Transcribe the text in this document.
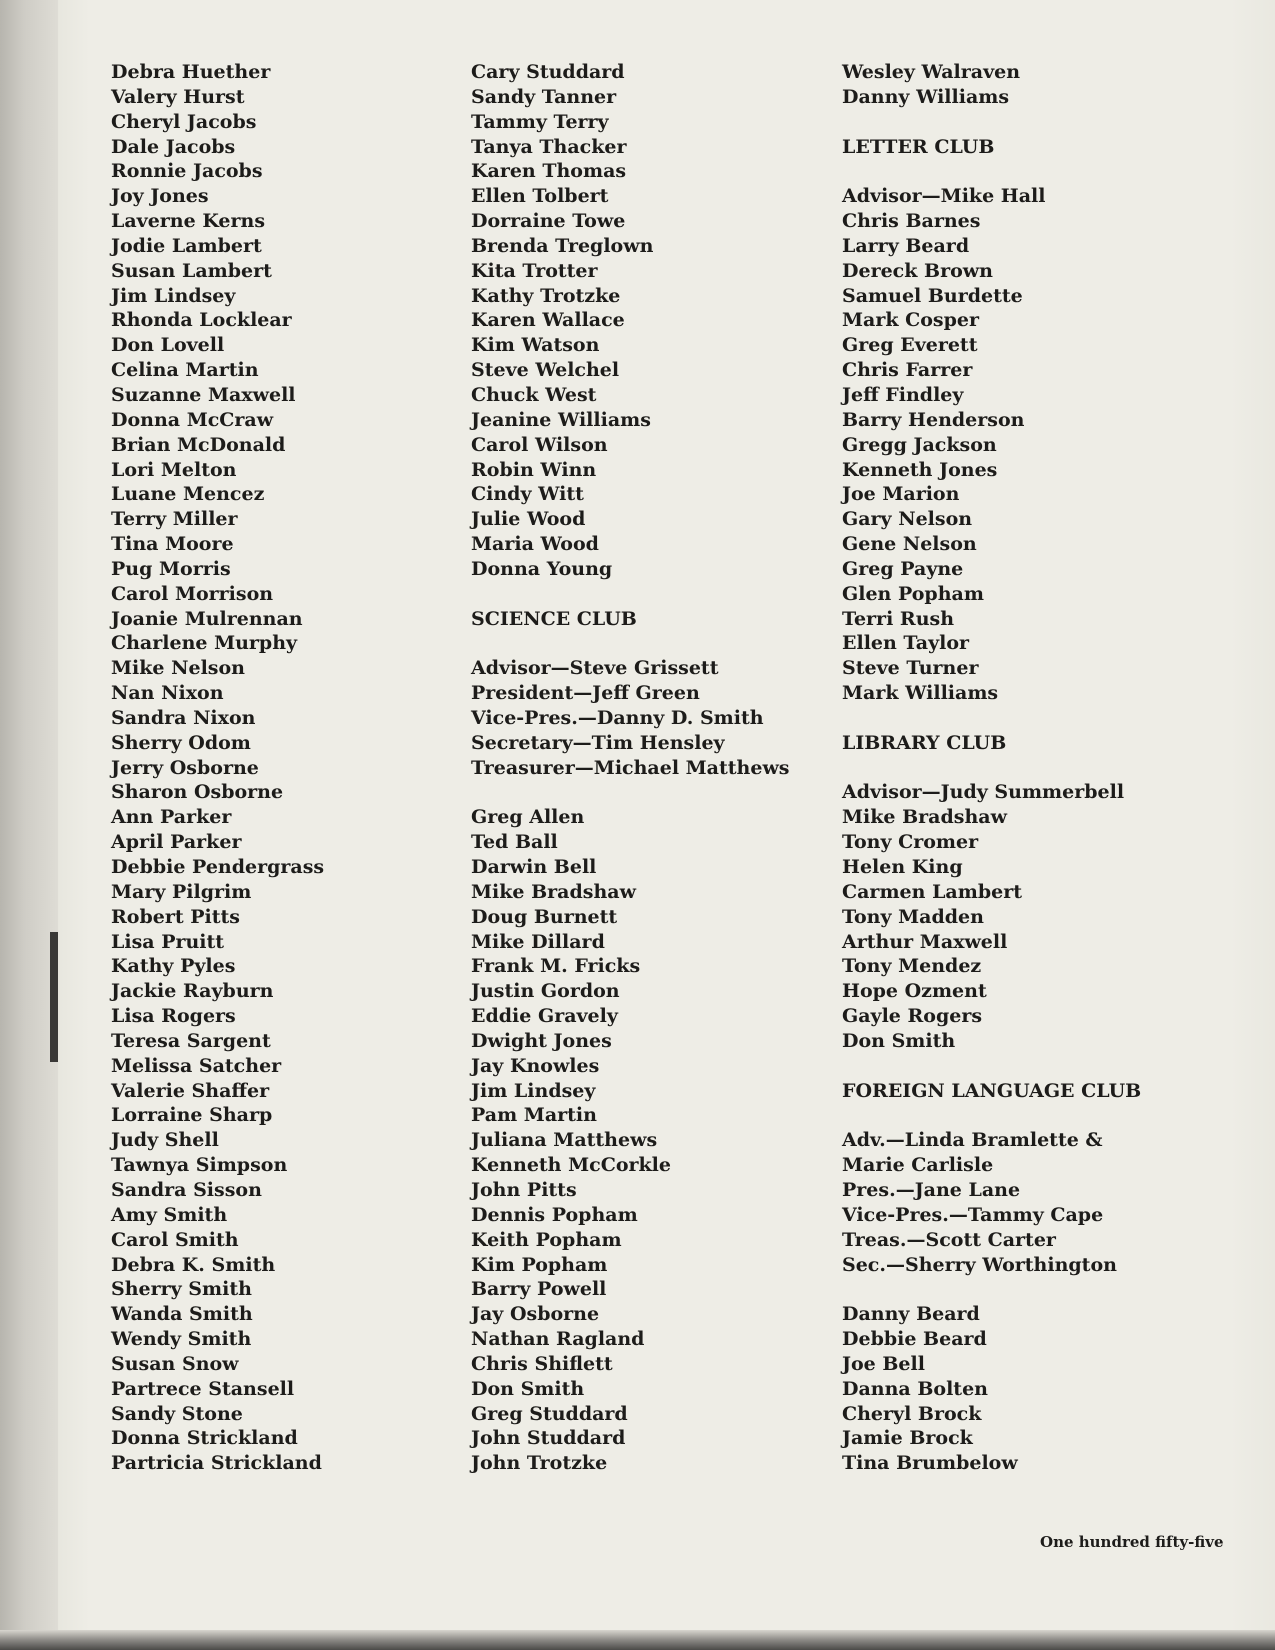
Debra Huether
Valery Hurst
Cheryl Jacobs
Dale Jacobs
Ronnie Jacobs
Joy Jones
Laverne Kerns
Jodie Lambert
Susan Lambert
Jim Lindsey
Rhonda Locklear
Don Lovell
Celina Martin
Suzanne Maxwell
Donna McCraw
Brian McDonald
Lori Melton
Luane Mencez
Terry Miller
Tina Moore
Pug Morris
Carol Morrison
Joanie Mulrennan
Charlene Murphy
Mike Nelson
Nan Nixon
Sandra Nixon
Sherry Odom
Jerry Osborne
Sharon Osborne
Ann Parker
April Parker
Debbie Pendergrass
Mary Pilgrim
Robert Pitts
Lisa Pruitt
Kathy Pyles
Jackie Rayburn
Lisa Rogers
Teresa Sargent
Melissa Satcher
Valerie Shaffer
Lorraine Sharp
Judy Shell
Tawnya Simpson
Sandra Sisson
Amy Smith
Carol Smith
Debra K. Smith
Sherry Smith
Wanda Smith
Wendy Smith
Susan Snow
Partrece Stansell
Sandy Stone
Donna Strickland
Partricia Strickland
Cary Studdard
Sandy Tanner
Tammy Terry
Tanya Thacker
Karen Thomas
Ellen Tolbert
Dorraine Towe
Brenda Treglown
Kita Trotter
Kathy Trotzke
Karen Wallace
Kim Watson
Steve Welchel
Chuck West
Jeanine Williams
Carol Wilson
Robin Winn
Cindy Witt
Julie Wood
Maria Wood
Donna Young
SCIENCE CLUB
Advisor—Steve Grissett
President—Jeff Green
Vice-Pres.—Danny D. Smith
Secretary—Tim Hensley
Treasurer—Michael Matthews
Greg Allen
Ted Ball
Darwin Bell
Mike Bradshaw
Doug Burnett
Mike Dillard
Frank M. Fricks
Justin Gordon
Eddie Gravely
Dwight Jones
Jay Knowles
Jim Lindsey
Pam Martin
Juliana Matthews
Kenneth McCorkle
John Pitts
Dennis Popham
Keith Popham
Kim Popham
Barry Powell
Jay Osborne
Nathan Ragland
Chris Shiflett
Don Smith
Greg Studdard
John Studdard
John Trotzke
Wesley Walraven
Danny Williams
LETTER CLUB
Advisor—Mike Hall
Chris Barnes
Larry Beard
Dereck Brown
Samuel Burdette
Mark Cosper
Greg Everett
Chris Farrer
Jeff Findley
Barry Henderson
Gregg Jackson
Kenneth Jones
Joe Marion
Gary Nelson
Gene Nelson
Greg Payne
Glen Popham
Terri Rush
Ellen Taylor
Steve Turner
Mark Williams
LIBRARY CLUB
Advisor—Judy Summerbell
Mike Bradshaw
Tony Cromer
Helen King
Carmen Lambert
Tony Madden
Arthur Maxwell
Tony Mendez
Hope Ozment
Gayle Rogers
Don Smith
FOREIGN LANGUAGE CLUB
Adv.—Linda Bramlette &
Marie Carlisle
Pres.—Jane Lane
Vice-Pres.—Tammy Cape
Treas.—Scott Carter
Sec.—Sherry Worthington
Danny Beard
Debbie Beard
Joe Bell
Danna Bolten
Cheryl Brock
Jamie Brock
Tina Brumbelow
One hundred fifty-five
